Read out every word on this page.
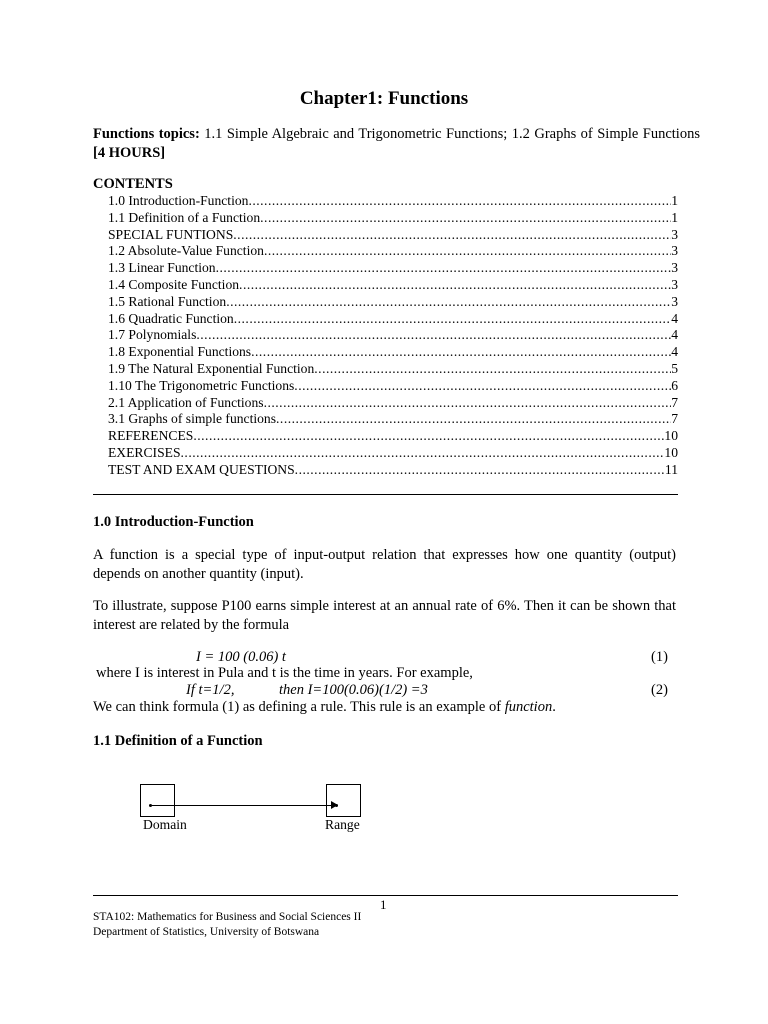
Chapter1: Functions
Functions topics: 1.1 Simple Algebraic and Trigonometric Functions; 1.2 Graphs of Simple Functions [4 HOURS]
CONTENTS
1.0 Introduction-Function .....	1
1.1 Definition of a Function .....	1
SPECIAL FUNTIONS .....	3
1.2 Absolute-Value Function .....	3
1.3 Linear Function .....	3
1.4 Composite Function .....	3
1.5 Rational Function .....	3
1.6 Quadratic Function .....	4
1.7 Polynomials .....	4
1.8 Exponential Functions .....	4
1.9 The Natural Exponential Function .....	5
1.10 The Trigonometric Functions .....	6
2.1 Application of Functions .....	7
3.1 Graphs of simple functions .....	7
REFERENCES .....	10
EXERCISES .....	10
TEST AND EXAM QUESTIONS .....	11
1.0 Introduction-Function
A function is a special type of input-output relation that expresses how one quantity (output) depends on another quantity (input).
To illustrate, suppose P100 earns simple interest at an annual rate of 6%. Then it can be shown that interest are related by the formula
I = 100 (0.06) t	(1)
where I is interest in Pula and t is the time in years. For example,
If t=1/2,	then I=100(0.06)(1/2) =3	(2)
We can think formula (1) as defining a rule. This rule is an example of function.
1.1 Definition of a Function
Domain	Range
1
STA102: Mathematics for Business and Social Sciences II
Department of Statistics, University of Botswana
